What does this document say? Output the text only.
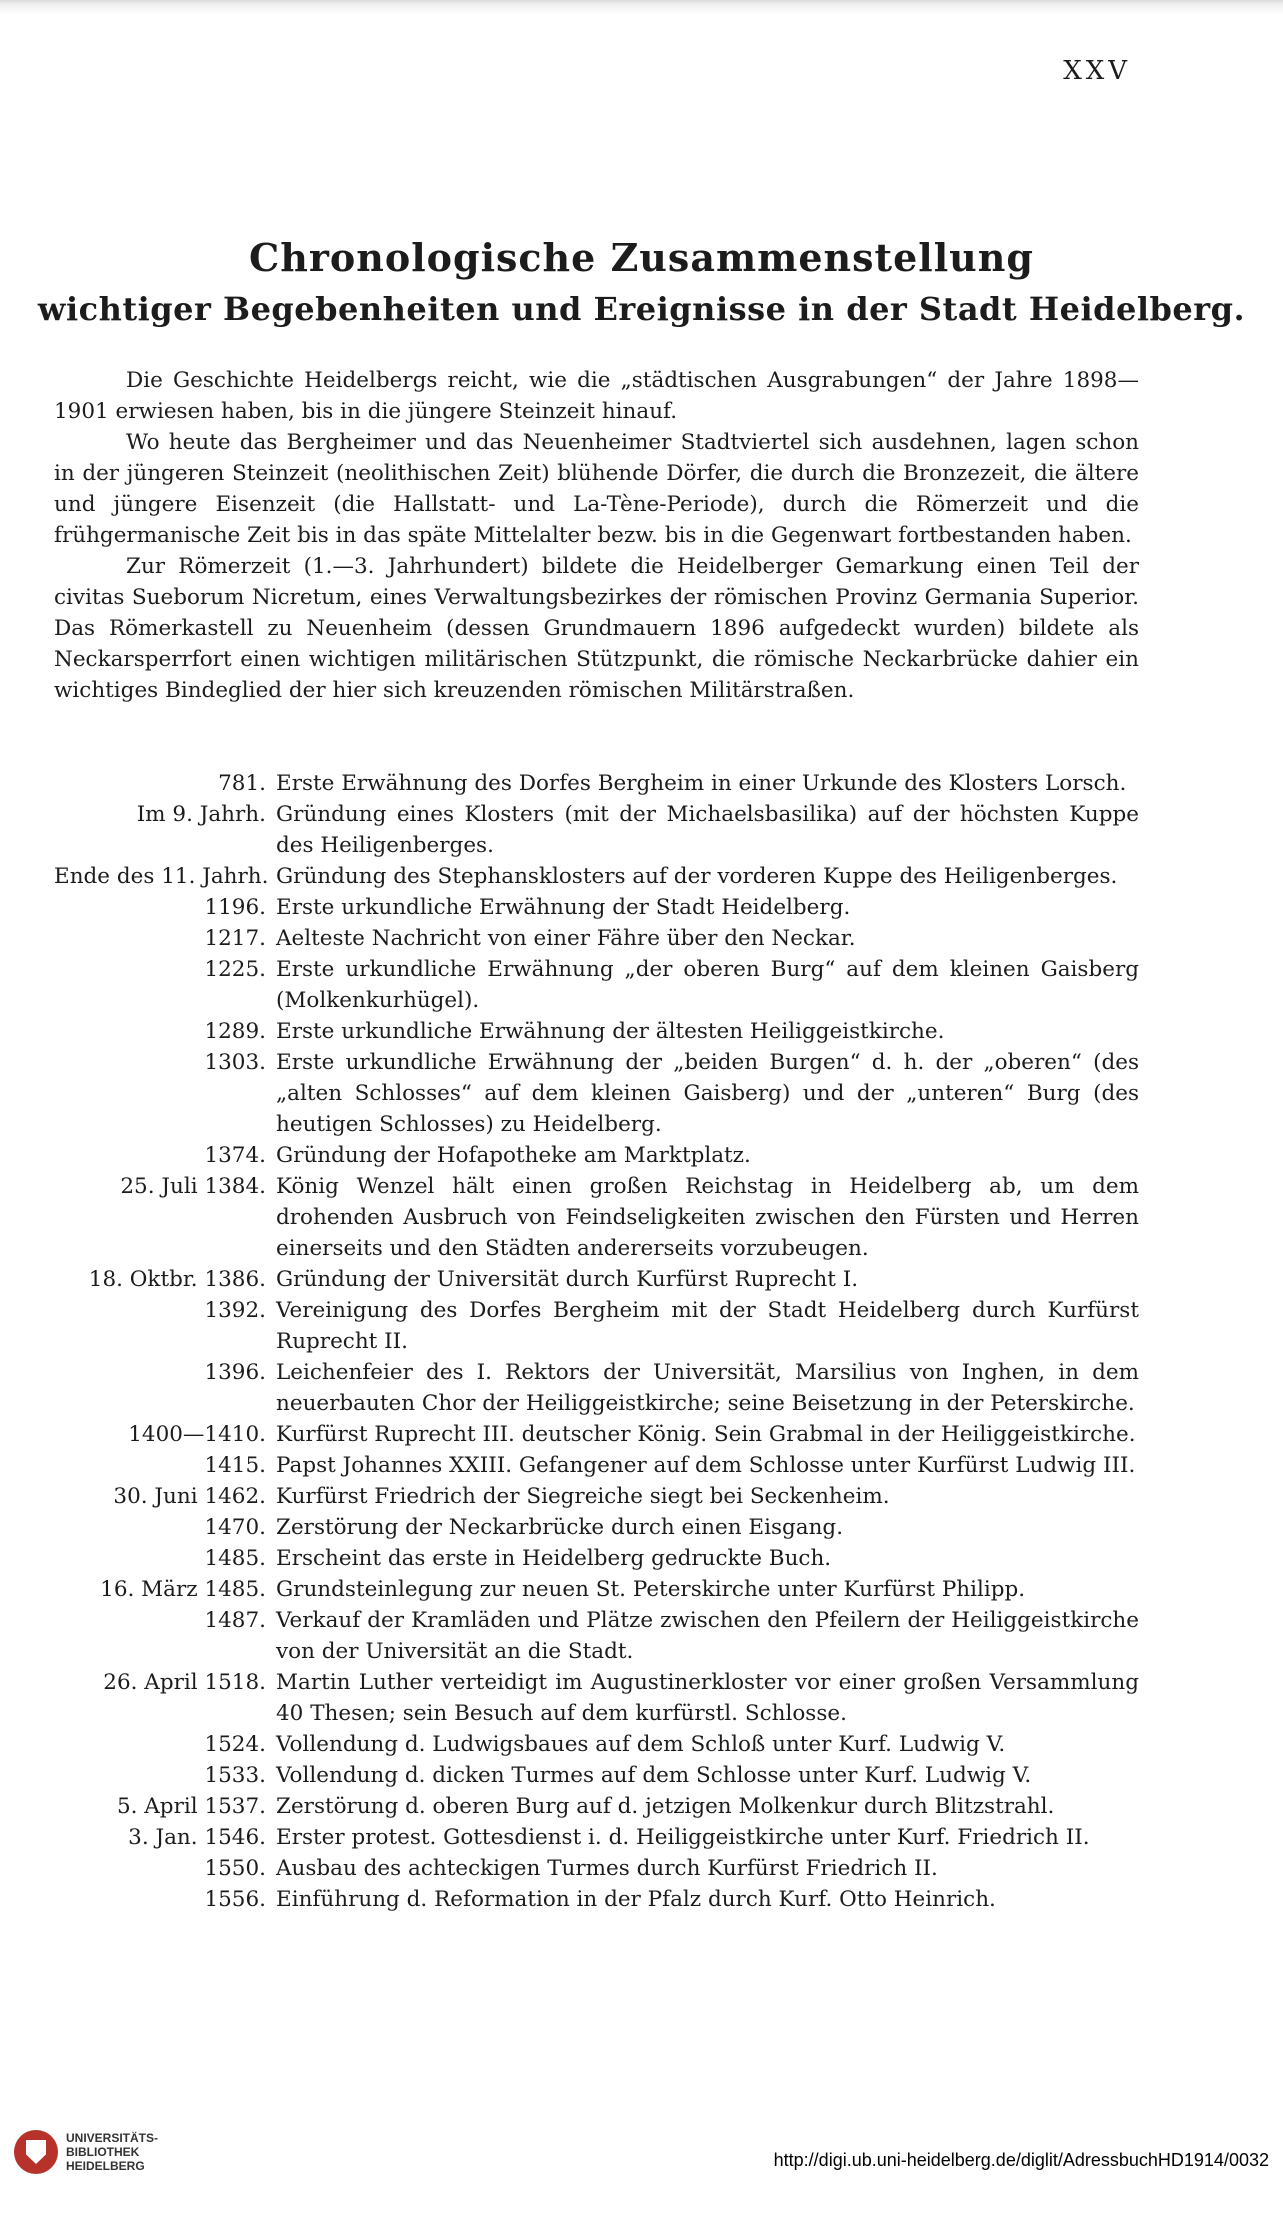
XXV
Chronologische Zusammenstellung
wichtiger Begebenheiten und Ereignisse in der Stadt Heidelberg.

Die Geschichte Heidelbergs reicht, wie die „städtischen Ausgrabungen“ der Jahre 1898—1901 erwiesen haben, bis in die jüngere Steinzeit hinauf.

Wo heute das Bergheimer und das Neuenheimer Stadtviertel sich ausdehnen, lagen schon in der jüngeren Steinzeit (neolithischen Zeit) blühende Dörfer, die durch die Bronzezeit, die ältere und jüngere Eisenzeit (die Hallstatt- und La-Tène-Periode), durch die Römerzeit und die frühgermanische Zeit bis in das späte Mittelalter bezw. bis in die Gegenwart fortbestanden haben.

Zur Römerzeit (1.—3. Jahrhundert) bildete die Heidelberger Gemarkung einen Teil der civitas Sueborum Nicretum, eines Verwaltungsbezirkes der römischen Provinz Germania Superior. Das Römerkastell zu Neuenheim (dessen Grundmauern 1896 aufgedeckt wurden) bildete als Neckarsperrfort einen wichtigen militärischen Stützpunkt, die römische Neckarbrücke dahier ein wichtiges Bindeglied der hier sich kreuzenden römischen Militärstraßen.

781. Erste Erwähnung des Dorfes Bergheim in einer Urkunde des Klosters Lorsch.
Im 9. Jahrh. Gründung eines Klosters (mit der Michaelsbasilika) auf der höchsten Kuppe des Heiligenberges.
Ende des 11. Jahrh. Gründung des Stephansklosters auf der vorderen Kuppe des Heiligenberges.
1196. Erste urkundliche Erwähnung der Stadt Heidelberg.
1217. Aelteste Nachricht von einer Fähre über den Neckar.
1225. Erste urkundliche Erwähnung „der oberen Burg“ auf dem kleinen Gaisberg (Molkenkurhügel).
1289. Erste urkundliche Erwähnung der ältesten Heiliggeistkirche.
1303. Erste urkundliche Erwähnung der „beiden Burgen“ d. h. der „oberen“ (des „alten Schlosses“ auf dem kleinen Gaisberg) und der „unteren“ Burg (des heutigen Schlosses) zu Heidelberg.
1374. Gründung der Hofapotheke am Marktplatz.
25. Juli 1384. König Wenzel hält einen großen Reichstag in Heidelberg ab, um dem drohenden Ausbruch von Feindseligkeiten zwischen den Fürsten und Herren einerseits und den Städten andererseits vorzubeugen.
18. Oktbr. 1386. Gründung der Universität durch Kurfürst Ruprecht I.
1392. Vereinigung des Dorfes Bergheim mit der Stadt Heidelberg durch Kurfürst Ruprecht II.
1396. Leichenfeier des I. Rektors der Universität, Marsilius von Inghen, in dem neuerbauten Chor der Heiliggeistkirche; seine Beisetzung in der Peterskirche.
1400—1410. Kurfürst Ruprecht III. deutscher König. Sein Grabmal in der Heiliggeistkirche.
1415. Papst Johannes XXIII. Gefangener auf dem Schlosse unter Kurfürst Ludwig III.
30. Juni 1462. Kurfürst Friedrich der Siegreiche siegt bei Seckenheim.
1470. Zerstörung der Neckarbrücke durch einen Eisgang.
1485. Erscheint das erste in Heidelberg gedruckte Buch.
16. März 1485. Grundsteinlegung zur neuen St. Peterskirche unter Kurfürst Philipp.
1487. Verkauf der Kramläden und Plätze zwischen den Pfeilern der Heiliggeistkirche von der Universität an die Stadt.
26. April 1518. Martin Luther verteidigt im Augustinerkloster vor einer großen Versammlung 40 Thesen; sein Besuch auf dem kurfürstl. Schlosse.
1524. Vollendung d. Ludwigsbaues auf dem Schloß unter Kurf. Ludwig V.
1533. Vollendung d. dicken Turmes auf dem Schlosse unter Kurf. Ludwig V.
5. April 1537. Zerstörung d. oberen Burg auf d. jetzigen Molkenkur durch Blitzstrahl.
3. Jan. 1546. Erster protest. Gottesdienst i. d. Heiliggeistkirche unter Kurf. Friedrich II.
1550. Ausbau des achteckigen Turmes durch Kurfürst Friedrich II.
1556. Einführung d. Reformation in der Pfalz durch Kurf. Otto Heinrich.
UNIVERSITÄTS-
BIBLIOTHEK
HEIDELBERG	http://digi.ub.uni-heidelberg.de/diglit/AdressbuchHD1914/0032
